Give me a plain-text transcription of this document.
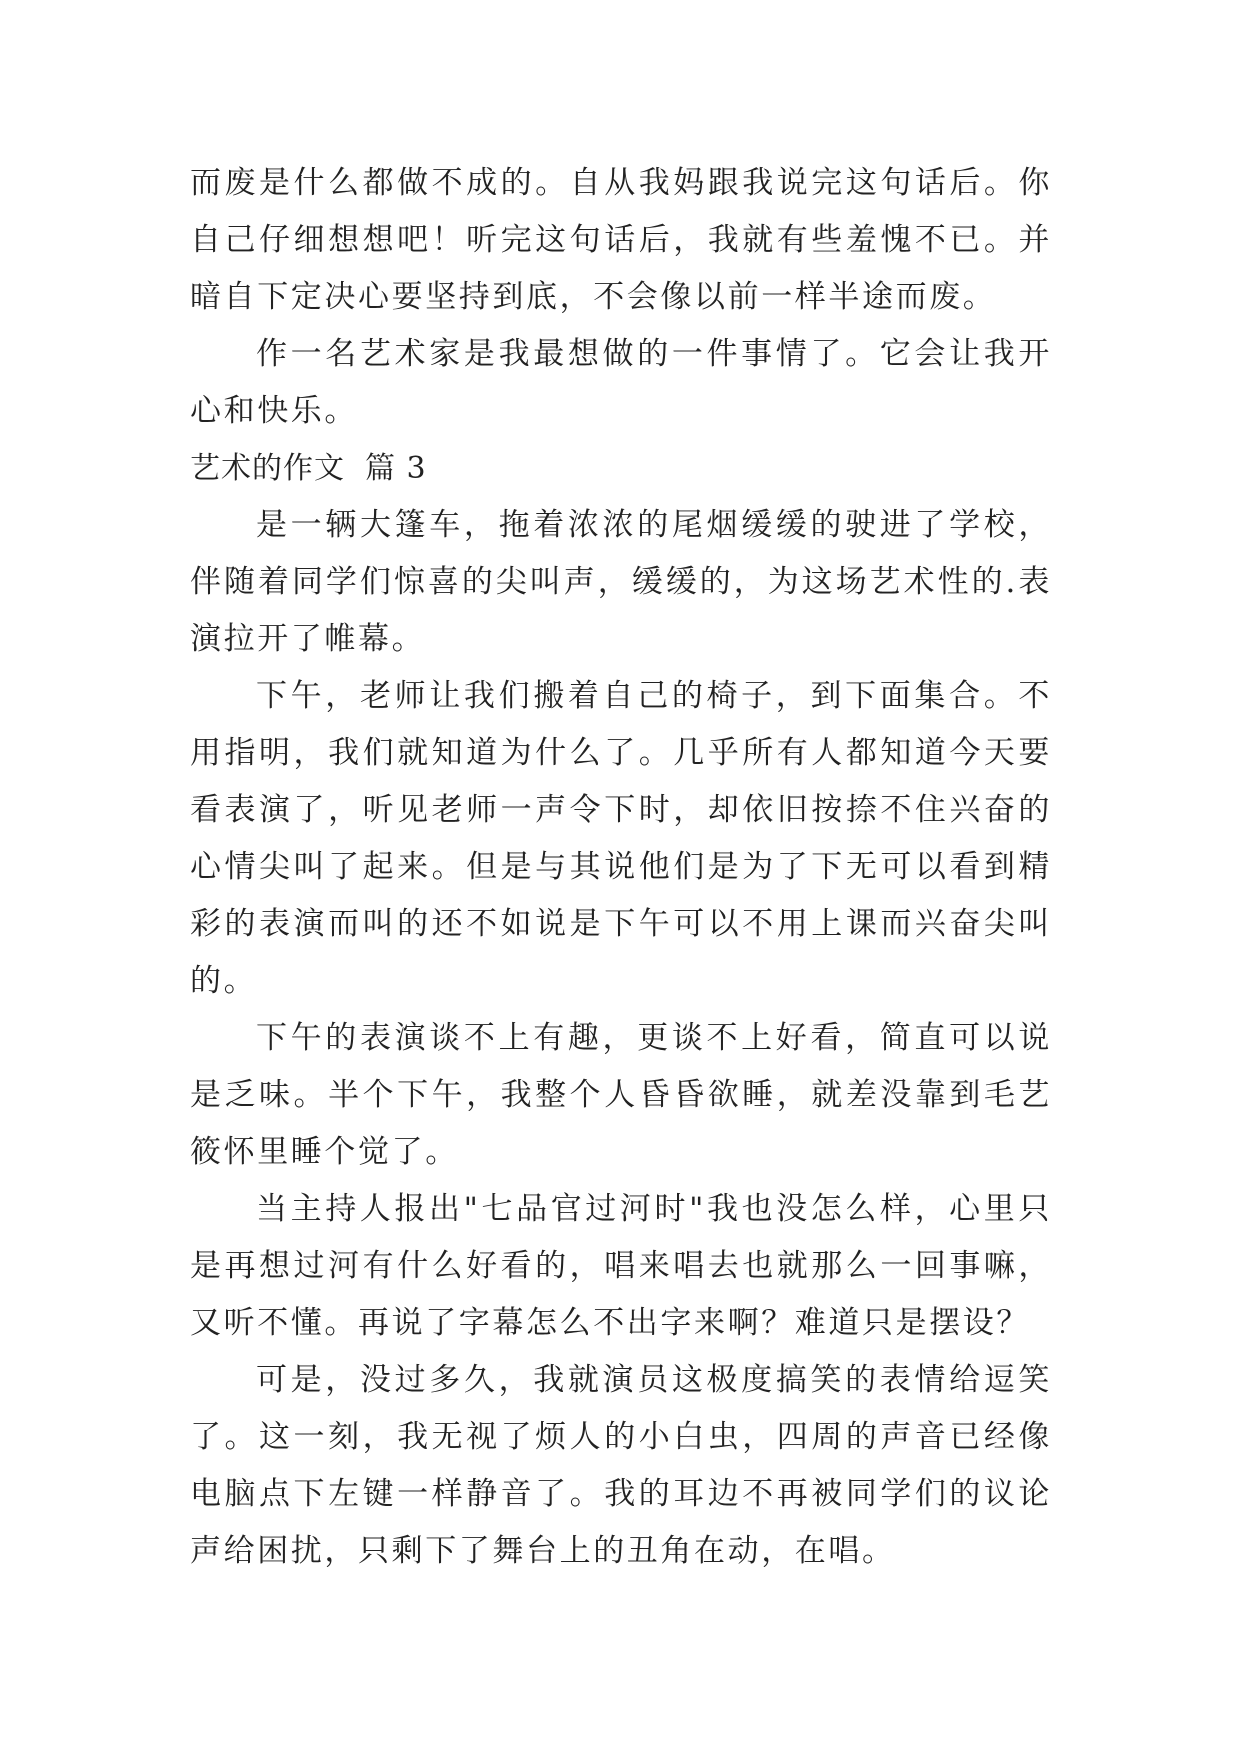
而废是什么都做不成的。自从我妈跟我说完这句话后。你自己仔细想想吧！听完这句话后，我就有些羞愧不已。并暗自下定决心要坚持到底，不会像以前一样半途而废。

作一名艺术家是我最想做的一件事情了。它会让我开心和快乐。

艺术的作文 篇 3

是一辆大篷车，拖着浓浓的尾烟缓缓的驶进了学校，伴随着同学们惊喜的尖叫声，缓缓的，为这场艺术性的.表演拉开了帷幕。

下午，老师让我们搬着自己的椅子，到下面集合。不用指明，我们就知道为什么了。几乎所有人都知道今天要看表演了，听见老师一声令下时，却依旧按捺不住兴奋的心情尖叫了起来。但是与其说他们是为了下无可以看到精彩的表演而叫的还不如说是下午可以不用上课而兴奋尖叫的。

下午的表演谈不上有趣，更谈不上好看，简直可以说是乏味。半个下午，我整个人昏昏欲睡，就差没靠到毛艺筱怀里睡个觉了。

当主持人报出"七品官过河时"我也没怎么样，心里只是再想过河有什么好看的，唱来唱去也就那么一回事嘛，又听不懂。再说了字幕怎么不出字来啊？难道只是摆设？

可是，没过多久，我就演员这极度搞笑的表情给逗笑了。这一刻，我无视了烦人的小白虫，四周的声音已经像电脑点下左键一样静音了。我的耳边不再被同学们的议论声给困扰，只剩下了舞台上的丑角在动，在唱。
